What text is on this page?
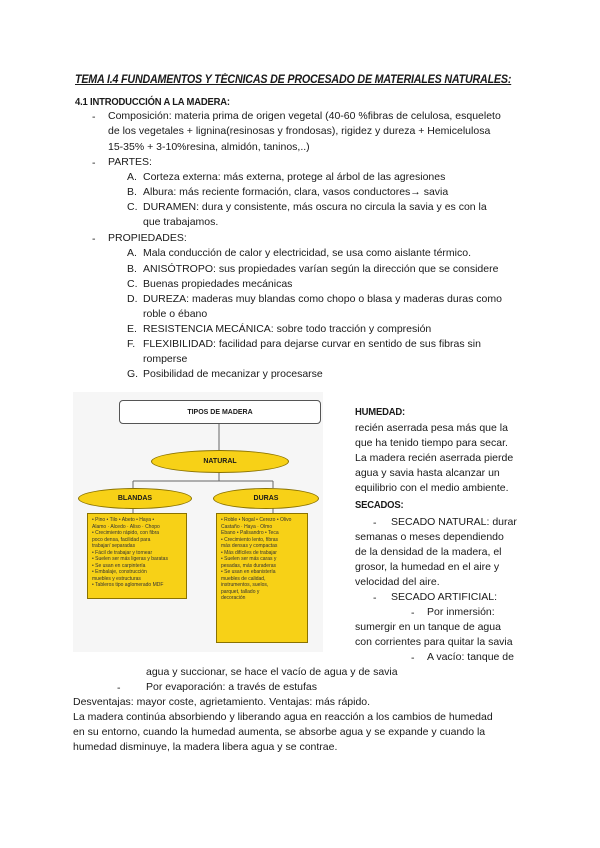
TEMA I.4 FUNDAMENTOS Y TÉCNICAS DE PROCESADO DE MATERIALES NATURALES:
4.1 INTRODUCCIÓN A LA MADERA:
- Composición: materia prima de origen vegetal (40-60 %fibras de celulosa, esqueleto
de los vegetales + lignina(resinosas y frondosas), rigidez y dureza + Hemicelulosa
15-35% + 3-10%resina, almidón, taninos,..)
- PARTES:
A. Corteza externa: más externa, protege al árbol de las agresiones
B. Albura: más reciente formación, clara, vasos conductores→ savia
C. DURAMEN: dura y consistente, más oscura no circula la savia y es con la
que trabajamos.
- PROPIEDADES:
A. Mala conducción de calor y electricidad, se usa como aislante térmico.
B. ANISÓTROPO: sus propiedades varían según la dirección que se considere
C. Buenas propiedades mecánicas
D. DUREZA: maderas muy blandas como chopo o blasa y maderas duras como
roble o ébano
E. RESISTENCIA MECÁNICA: sobre todo tracción y compresión
F. FLEXIBILIDAD: facilidad para dejarse curvar en sentido de sus fibras sin
romperse
G. Posibilidad de mecanizar y procesarse
TIPOS DE MADERA
NATURAL
BLANDAS	DURAS
• Pino • Tilo • Abeto • Haya •
Álamo · Alcedo · Aliso · Chopo
• Crecimiento rápido, con fibra
poco densa, facilidad para
trabajar/ separadas
• Fácil de trabajar y tornear
• Suelen ser más ligeras y baratas
• Se usan en carpintería
• Embalaje, construcción
muebles y estructuras
• Tableros tipo aglomerado MDF
• Roble • Nogal • Cerezo • Olivo
Castaño · Haya · Olmo
Ebano • Palisandro • Teca
• Crecimiento lento, fibras
más densas y compactas
• Más difíciles de trabajar
• Suelen ser más caras y
pesadas, más duraderas
• Se usan en ebanistería
muebles de calidad,
instrumentos, suelos,
parquet, tallado y
decoración
HUMEDAD:
recién aserrada pesa más que la
que ha tenido tiempo para secar.
La madera recién aserrada pierde
agua y savia hasta alcanzar un
equilibrio con el medio ambiente.
SECADOS:
- SECADO NATURAL: durar
semanas o meses dependiendo
de la densidad de la madera, el
grosor, la humedad en el aire y
velocidad del aire.
- SECADO ARTIFICIAL:
- Por inmersión:
sumergir en un tanque de agua
con corrientes para quitar la savia
- A vacío: tanque de
agua y succionar, se hace el vacío de agua y de savia
- Por evaporación: a través de estufas
Desventajas: mayor coste, agrietamiento. Ventajas: más rápido.
La madera continúa absorbiendo y liberando agua en reacción a los cambios de humedad
en su entorno, cuando la humedad aumenta, se absorbe agua y se expande y cuando la
humedad disminuye, la madera libera agua y se contrae.
